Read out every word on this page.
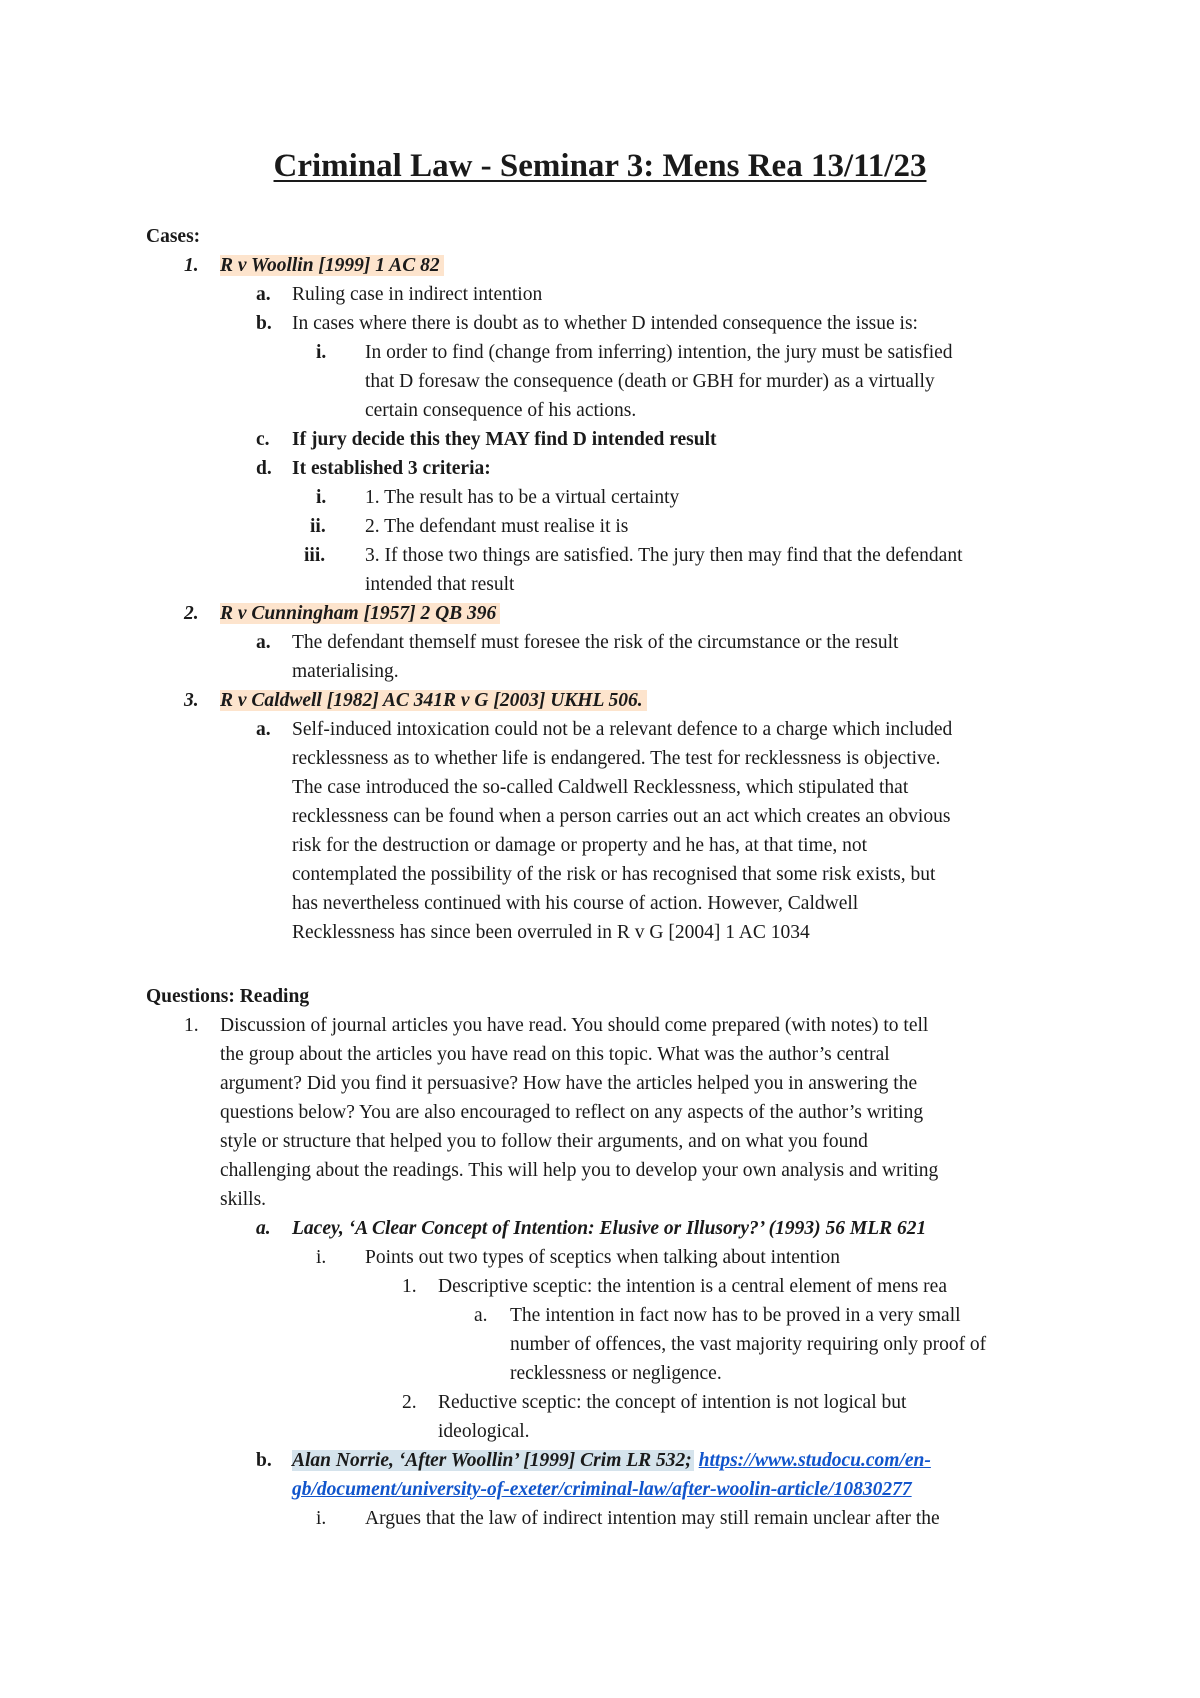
Criminal Law - Seminar 3: Mens Rea 13/11/23
Cases:
1. R v Woollin [1999] 1 AC 82
a. Ruling case in indirect intention
b. In cases where there is doubt as to whether D intended consequence the issue is:
i. In order to find (change from inferring) intention, the jury must be satisfied
that D foresaw the consequence (death or GBH for murder) as a virtually
certain consequence of his actions.
c. If jury decide this they MAY find D intended result
d. It established 3 criteria:
i. 1. The result has to be a virtual certainty
ii. 2. The defendant must realise it is
iii. 3. If those two things are satisfied. The jury then may find that the defendant
intended that result
2. R v Cunningham [1957] 2 QB 396
a. The defendant themself must foresee the risk of the circumstance or the result
materialising.
3. R v Caldwell [1982] AC 341R v G [2003] UKHL 506.
a. Self-induced intoxication could not be a relevant defence to a charge which included
recklessness as to whether life is endangered. The test for recklessness is objective.
The case introduced the so-called Caldwell Recklessness, which stipulated that
recklessness can be found when a person carries out an act which creates an obvious
risk for the destruction or damage or property and he has, at that time, not
contemplated the possibility of the risk or has recognised that some risk exists, but
has nevertheless continued with his course of action. However, Caldwell
Recklessness has since been overruled in R v G [2004] 1 AC 1034
Questions: Reading
1. Discussion of journal articles you have read. You should come prepared (with notes) to tell
the group about the articles you have read on this topic. What was the author’s central
argument? Did you find it persuasive? How have the articles helped you in answering the
questions below? You are also encouraged to reflect on any aspects of the author’s writing
style or structure that helped you to follow their arguments, and on what you found
challenging about the readings. This will help you to develop your own analysis and writing
skills.
a. Lacey, ‘A Clear Concept of Intention: Elusive or Illusory?’ (1993) 56 MLR 621
i. Points out two types of sceptics when talking about intention
1. Descriptive sceptic: the intention is a central element of mens rea
a. The intention in fact now has to be proved in a very small
number of offences, the vast majority requiring only proof of
recklessness or negligence.
2. Reductive sceptic: the concept of intention is not logical but
ideological.
b. Alan Norrie, ‘After Woollin’ [1999] Crim LR 532; https://www.studocu.com/en-
gb/document/university-of-exeter/criminal-law/after-woolin-article/10830277
i. Argues that the law of indirect intention may still remain unclear after the
